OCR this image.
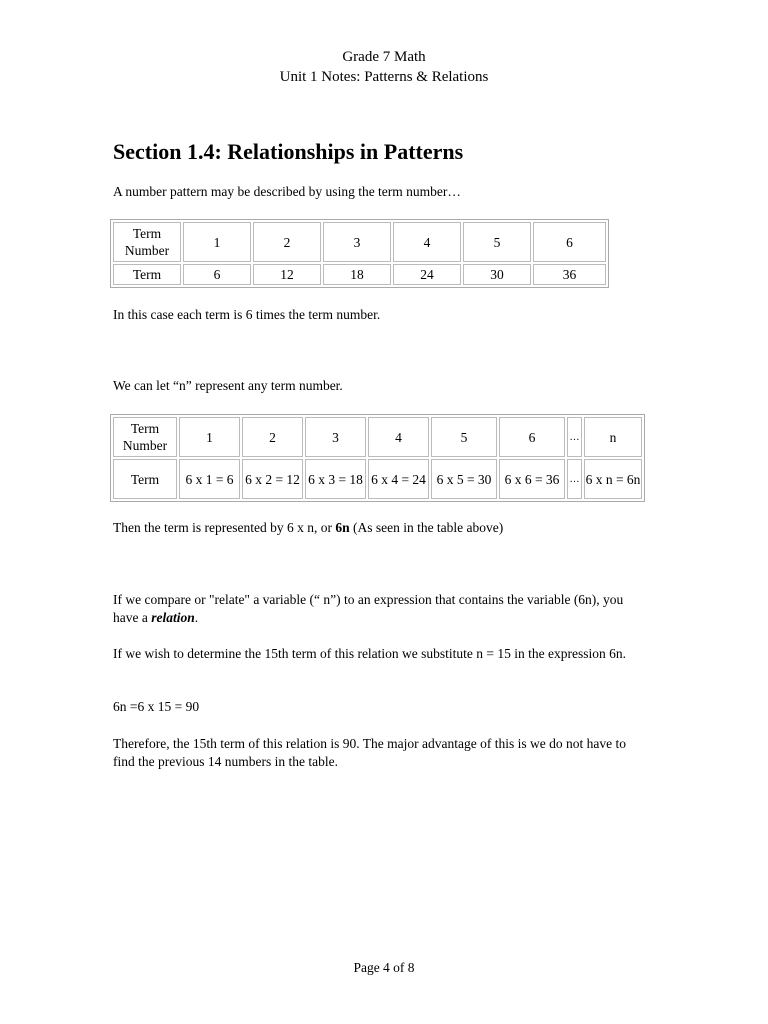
Grade 7 Math
Unit 1 Notes: Patterns & Relations
Section 1.4: Relationships in Patterns

A number pattern may be described by using the term number…

Term Number	1	2	3	4	5	6
Term	6	12	18	24	30	36

In this case each term is 6 times the term number.

We can let “n” represent any term number.

Term Number	1	2	3	4	5	6	…	n
Term	6 x 1 = 6	6 x 2 = 12	6 x 3 = 18	6 x 4 = 24	6 x 5 = 30	6 x 6 = 36	…	6 x n = 6n

Then the term is represented by 6 x n, or 6n (As seen in the table above)

If we compare or "relate" a variable (“ n”) to an expression that contains the variable (6n), you have a relation.

If we wish to determine the 15th term of this relation we substitute n = 15 in the expression 6n.

6n =6 x 15 = 90

Therefore, the 15th term of this relation is 90. The major advantage of this is we do not have to find the previous 14 numbers in the table.

Page 4 of 8
